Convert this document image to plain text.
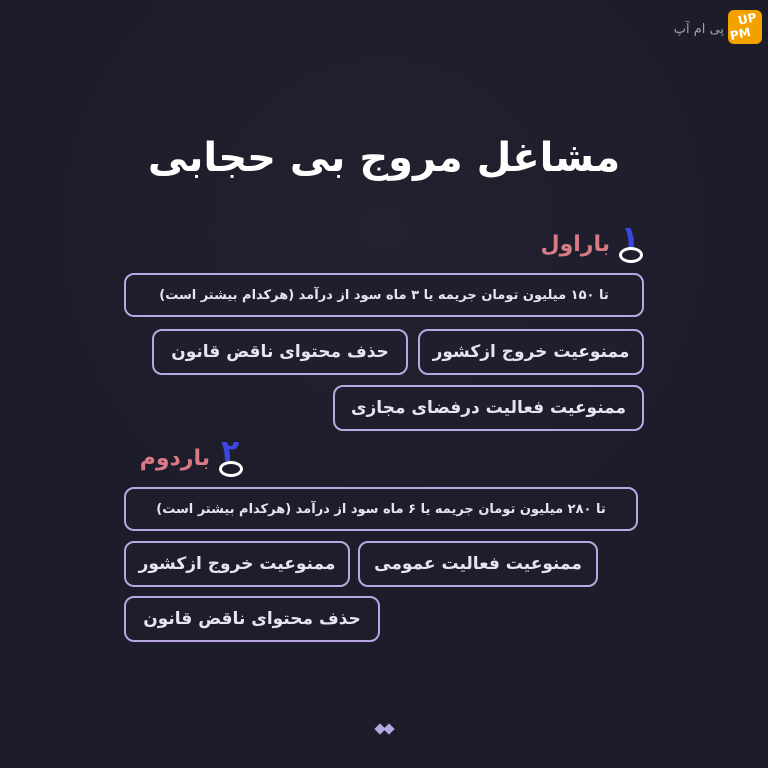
پی ام آپ
UP
PM
مشاغل مروج بی حجابی
۱
باراول
تا ۱۵۰ میلیون تومان جریمه یا ۳ ماه سود از درآمد (هرکدام بیشتر است)
ممنوعیت خروج ازکشور
حذف محتوای ناقض قانون
ممنوعیت فعالیت درفضای مجازی
۲
باردوم
تا ۲۸۰ میلیون تومان جریمه یا ۶ ماه سود از درآمد (هرکدام بیشتر است)
ممنوعیت فعالیت عمومی
ممنوعیت خروج ازکشور
حذف محتوای ناقض قانون
